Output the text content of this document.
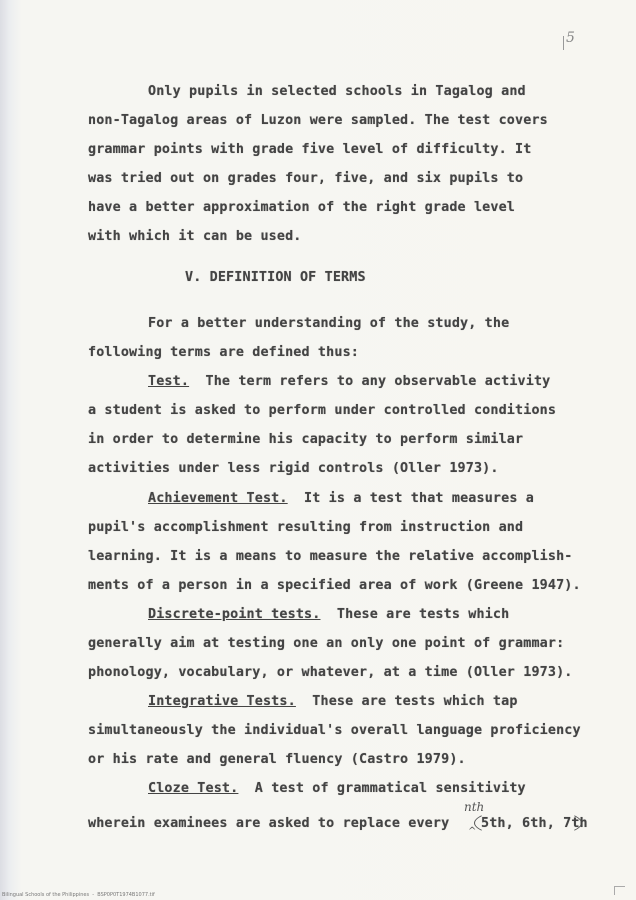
5
Only pupils in selected schools in Tagalog and
non-Tagalog areas of Luzon were sampled. The test covers
grammar points with grade five level of difficulty. It
was tried out on grades four, five, and six pupils to
have a better approximation of the right grade level
with which it can be used.
V. DEFINITION OF TERMS
For a better understanding of the study, the
following terms are defined thus:
Test. The term refers to any observable activity
a student is asked to perform under controlled conditions
in order to determine his capacity to perform similar
activities under less rigid controls (Oller 1973).
Achievement Test. It is a test that measures a
pupil's accomplishment resulting from instruction and
learning. It is a means to measure the relative accomplish-
ments of a person in a specified area of work (Greene 1947).
Discrete-point tests. These are tests which
generally aim at testing one an only one point of grammar:
phonology, vocabulary, or whatever, at a time (Oller 1973).
Integrative Tests. These are tests which tap
simultaneously the individual's overall language proficiency
or his rate and general fluency (Castro 1979).
Cloze Test. A test of grammatical sensitivity
wherein examinees are asked to replace every
nth
^
5th, 6th, 7th
Bilingual Schools of the Philippines  -  BSP0P0T1974B1077.tif
